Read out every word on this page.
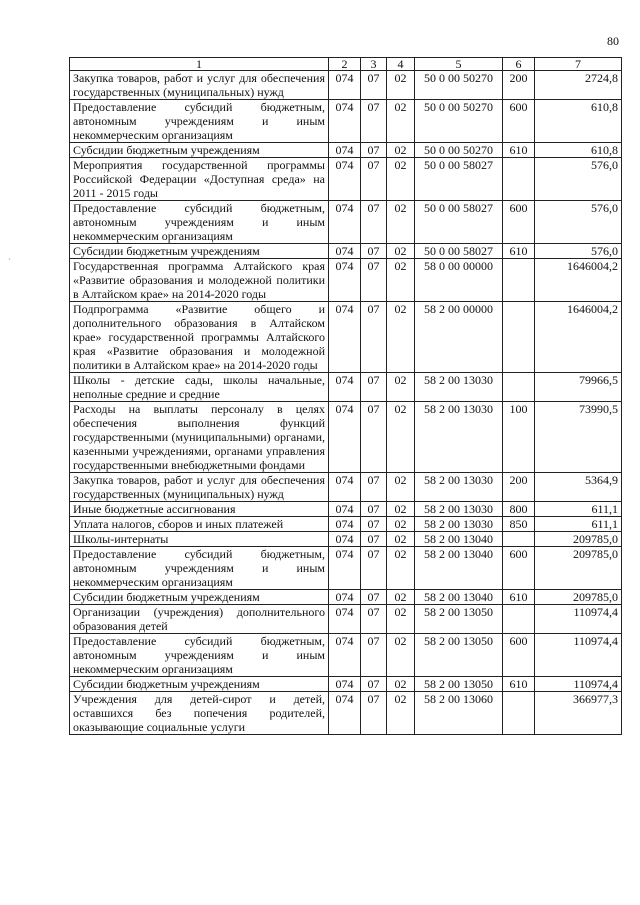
80
·
1	2	3	4	5	6	7
Закупка товаров, работ и услуг для обеспечения государственных (муниципальных) нужд	074	07	02	50 0 00 50270	200	2724,8
Предоставление субсидий бюджетным, автономным учреждениям и иным некоммерческим организациям	074	07	02	50 0 00 50270	600	610,8
Субсидии бюджетным учреждениям	074	07	02	50 0 00 50270	610	610,8
Мероприятия государственной программы Российской Федерации «Доступная среда» на 2011 - 2015 годы	074	07	02	50 0 00 58027		576,0
Предоставление субсидий бюджетным, автономным учреждениям и иным некоммерческим организациям	074	07	02	50 0 00 58027	600	576,0
Субсидии бюджетным учреждениям	074	07	02	50 0 00 58027	610	576,0
Государственная программа Алтайского края «Развитие образования и молодежной политики в Алтайском крае» на 2014-2020 годы	074	07	02	58 0 00 00000		1646004,2
Подпрограмма «Развитие общего и дополнительного образования в Алтайском крае» государственной программы Алтайского края «Развитие образования и молодежной политики в Алтайском крае» на 2014-2020 годы	074	07	02	58 2 00 00000		1646004,2
Школы - детские сады, школы начальные, неполные средние и средние	074	07	02	58 2 00 13030		79966,5
Расходы на выплаты персоналу в целях обеспечения выполнения функций государственными (муниципальными) органами, казенными учреждениями, органами управления государственными внебюджетными фондами	074	07	02	58 2 00 13030	100	73990,5
Закупка товаров, работ и услуг для обеспечения государственных (муниципальных) нужд	074	07	02	58 2 00 13030	200	5364,9
Иные бюджетные ассигнования	074	07	02	58 2 00 13030	800	611,1
Уплата налогов, сборов и иных платежей	074	07	02	58 2 00 13030	850	611,1
Школы-интернаты	074	07	02	58 2 00 13040		209785,0
Предоставление субсидий бюджетным, автономным учреждениям и иным некоммерческим организациям	074	07	02	58 2 00 13040	600	209785,0
Субсидии бюджетным учреждениям	074	07	02	58 2 00 13040	610	209785,0
Организации (учреждения) дополнительного образования детей	074	07	02	58 2 00 13050		110974,4
Предоставление субсидий бюджетным, автономным учреждениям и иным некоммерческим организациям	074	07	02	58 2 00 13050	600	110974,4
Субсидии бюджетным учреждениям	074	07	02	58 2 00 13050	610	110974,4
Учреждения для детей-сирот и детей, оставшихся без попечения родителей, оказывающие социальные услуги	074	07	02	58 2 00 13060		366977,3
